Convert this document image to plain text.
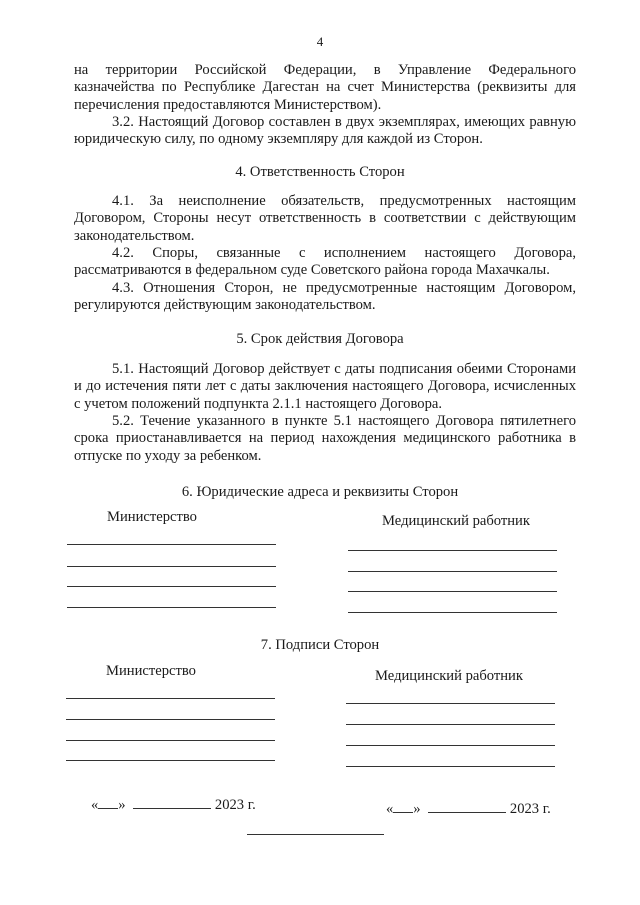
4
на территории Российской Федерации, в Управление Федерального казначейства по Республике Дагестан на счет Министерства (реквизиты для перечисления предоставляются Министерством).
3.2. Настоящий Договор составлен в двух экземплярах, имеющих равную юридическую силу, по одному экземпляру для каждой из Сторон.
4. Ответственность Сторон
4.1. За неисполнение обязательств, предусмотренных настоящим Договором, Стороны несут ответственность в соответствии с действующим законодательством.
4.2. Споры, связанные с исполнением настоящего Договора, рассматриваются в федеральном суде Советского района города Махачкалы.
4.3. Отношения Сторон, не предусмотренные настоящим Договором, регулируются действующим законодательством.
5. Срок действия Договора
5.1. Настоящий Договор действует с даты подписания обеими Сторонами и до истечения пяти лет с даты заключения настоящего Договора, исчисленных с учетом положений подпункта 2.1.1 настоящего Договора.
5.2. Течение указанного в пункте 5.1 настоящего Договора пятилетнего срока приостанавливается на период нахождения медицинского работника в отпуске по уходу за ребенком.
6. Юридические адреса и реквизиты Сторон
Министерство	Медицинский работник
7. Подписи Сторон
Министерство	Медицинский работник
« »	2023 г.	« »	2023 г.
